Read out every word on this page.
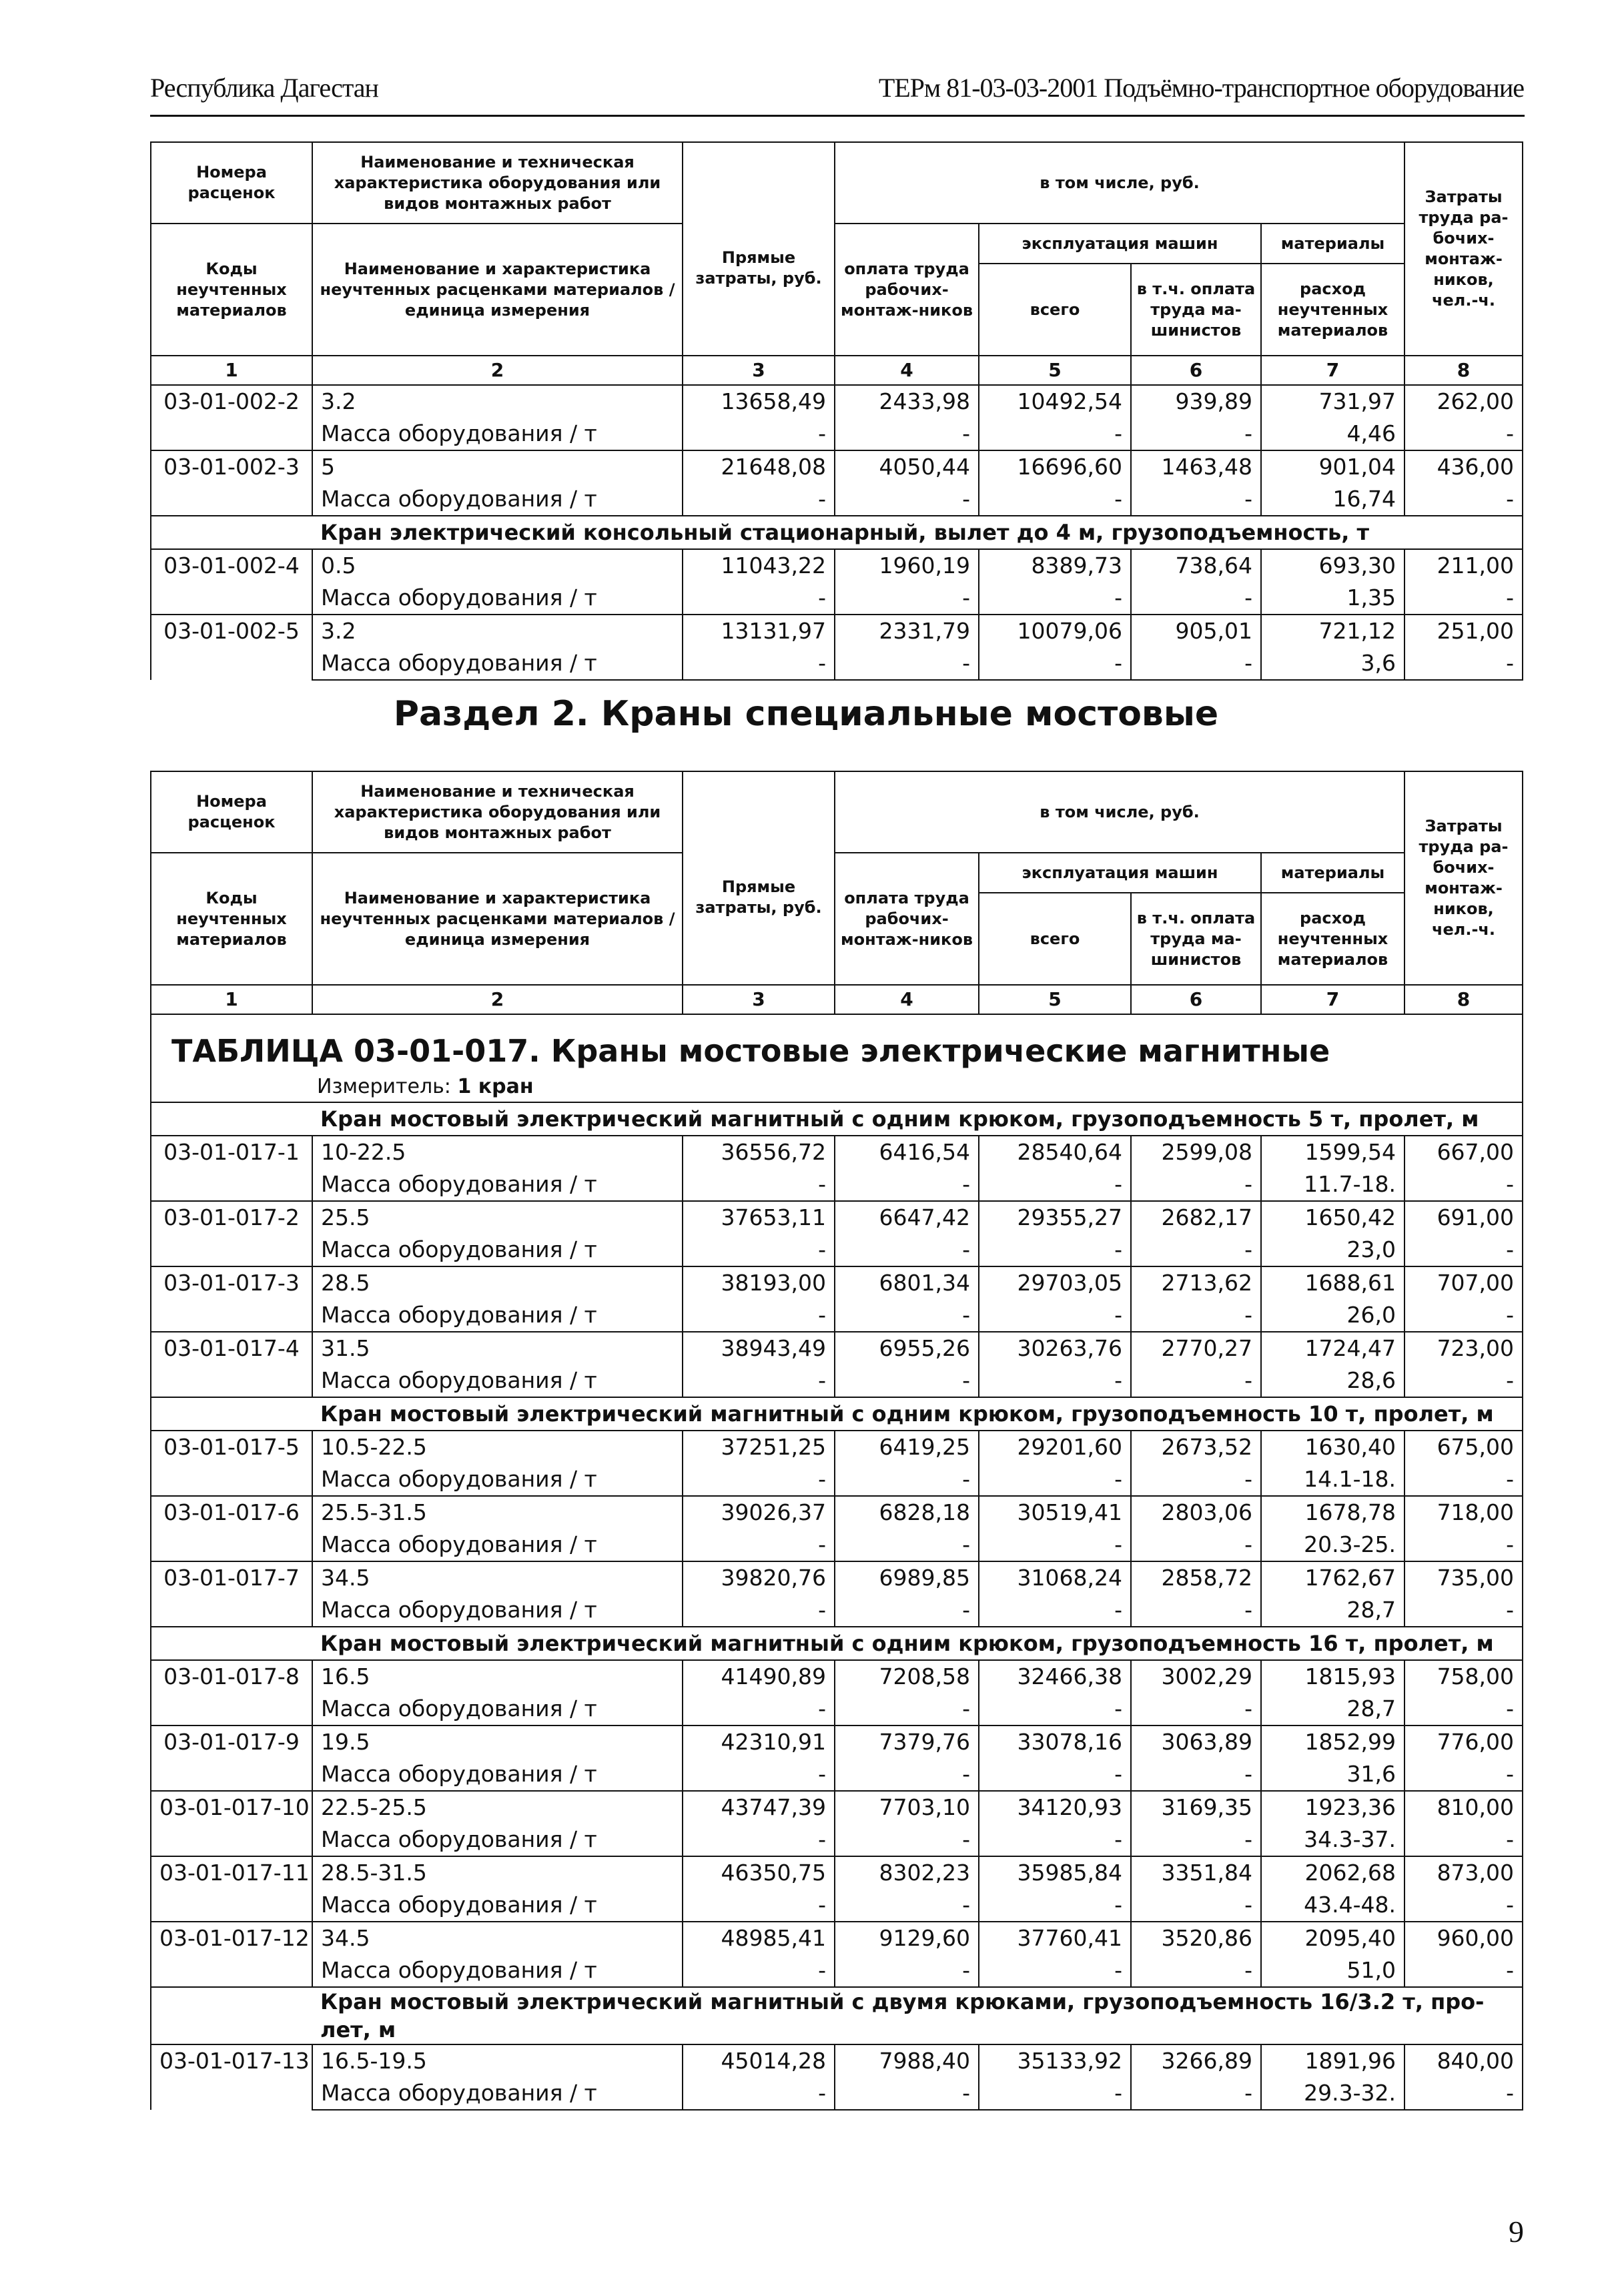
Республика Дагестан	ТЕРм 81-03-03-2001 Подъёмно-транспортное оборудование
Номера расценок	Наименование и техническая характеристика оборудования или видов монтажных работ	Прямые затраты, руб.	в том числе, руб.				Затраты труда ра-бочих-монтаж-ников, чел.-ч.
Коды неучтенных материалов	Наименование и характеристика неучтенных расценками материалов / единица измерения		оплата труда рабочих-монтаж-ников	эксплуатация машин		материалы	
				всего	в т.ч. оплата труда ма-шинистов	расход неучтенных материалов	
1	2	3	4	5	6	7	8
03-01-002-2	3.2	13658,49	2433,98	10492,54	939,89	731,97	262,00
	Масса оборудования / т	-	-	-	-	4,46	-
03-01-002-3	5	21648,08	4050,44	16696,60	1463,48	901,04	436,00
	Масса оборудования / т	-	-	-	-	16,74	-
	Кран электрический консольный стационарный, вылет до 4 м, грузоподъемность, т						
03-01-002-4	0.5	11043,22	1960,19	8389,73	738,64	693,30	211,00
	Масса оборудования / т	-	-	-	-	1,35	-
03-01-002-5	3.2	13131,97	2331,79	10079,06	905,01	721,12	251,00
	Масса оборудования / т	-	-	-	-	3,6	-
Раздел 2. Краны специальные мостовые
Номера расценок	Наименование и техническая характеристика оборудования или видов монтажных работ	Прямые затраты, руб.	в том числе, руб.				Затраты труда ра-бочих-монтаж-ников, чел.-ч.
Коды неучтенных материалов	Наименование и характеристика неучтенных расценками материалов / единица измерения		оплата труда рабочих-монтаж-ников	эксплуатация машин		материалы	
				всего	в т.ч. оплата труда ма-шинистов	расход неучтенных материалов	
1	2	3	4	5	6	7	8

ТАБЛИЦА 03-01-017. Краны мостовые электрические магнитные
Измеритель: 1 кран							

	Кран мостовый электрический магнитный с одним крюком, грузоподъемность 5 т, пролет, м						
03-01-017-1	10-22.5	36556,72	6416,54	28540,64	2599,08	1599,54	667,00
	Масса оборудования / т	-	-	-	-	11.7-18.	-
03-01-017-2	25.5	37653,11	6647,42	29355,27	2682,17	1650,42	691,00
	Масса оборудования / т	-	-	-	-	23,0	-
03-01-017-3	28.5	38193,00	6801,34	29703,05	2713,62	1688,61	707,00
	Масса оборудования / т	-	-	-	-	26,0	-
03-01-017-4	31.5	38943,49	6955,26	30263,76	2770,27	1724,47	723,00
	Масса оборудования / т	-	-	-	-	28,6	-
	Кран мостовый электрический магнитный с одним крюком, грузоподъемность 10 т, пролет, м						
03-01-017-5	10.5-22.5	37251,25	6419,25	29201,60	2673,52	1630,40	675,00
	Масса оборудования / т	-	-	-	-	14.1-18.	-
03-01-017-6	25.5-31.5	39026,37	6828,18	30519,41	2803,06	1678,78	718,00
	Масса оборудования / т	-	-	-	-	20.3-25.	-
03-01-017-7	34.5	39820,76	6989,85	31068,24	2858,72	1762,67	735,00
	Масса оборудования / т	-	-	-	-	28,7	-
	Кран мостовый электрический магнитный с одним крюком, грузоподъемность 16 т, пролет, м						
03-01-017-8	16.5	41490,89	7208,58	32466,38	3002,29	1815,93	758,00
	Масса оборудования / т	-	-	-	-	28,7	-
03-01-017-9	19.5	42310,91	7379,76	33078,16	3063,89	1852,99	776,00
	Масса оборудования / т	-	-	-	-	31,6	-
03-01-017-10	22.5-25.5	43747,39	7703,10	34120,93	3169,35	1923,36	810,00
	Масса оборудования / т	-	-	-	-	34.3-37.	-
03-01-017-11	28.5-31.5	46350,75	8302,23	35985,84	3351,84	2062,68	873,00
	Масса оборудования / т	-	-	-	-	43.4-48.	-
03-01-017-12	34.5	48985,41	9129,60	37760,41	3520,86	2095,40	960,00
	Масса оборудования / т	-	-	-	-	51,0	-
	Кран мостовый электрический магнитный с двумя крюками, грузоподъемность 16/3.2 т, про-лет, м						
03-01-017-13	16.5-19.5	45014,28	7988,40	35133,92	3266,89	1891,96	840,00
	Масса оборудования / т	-	-	-	-	29.3-32.	-
9
